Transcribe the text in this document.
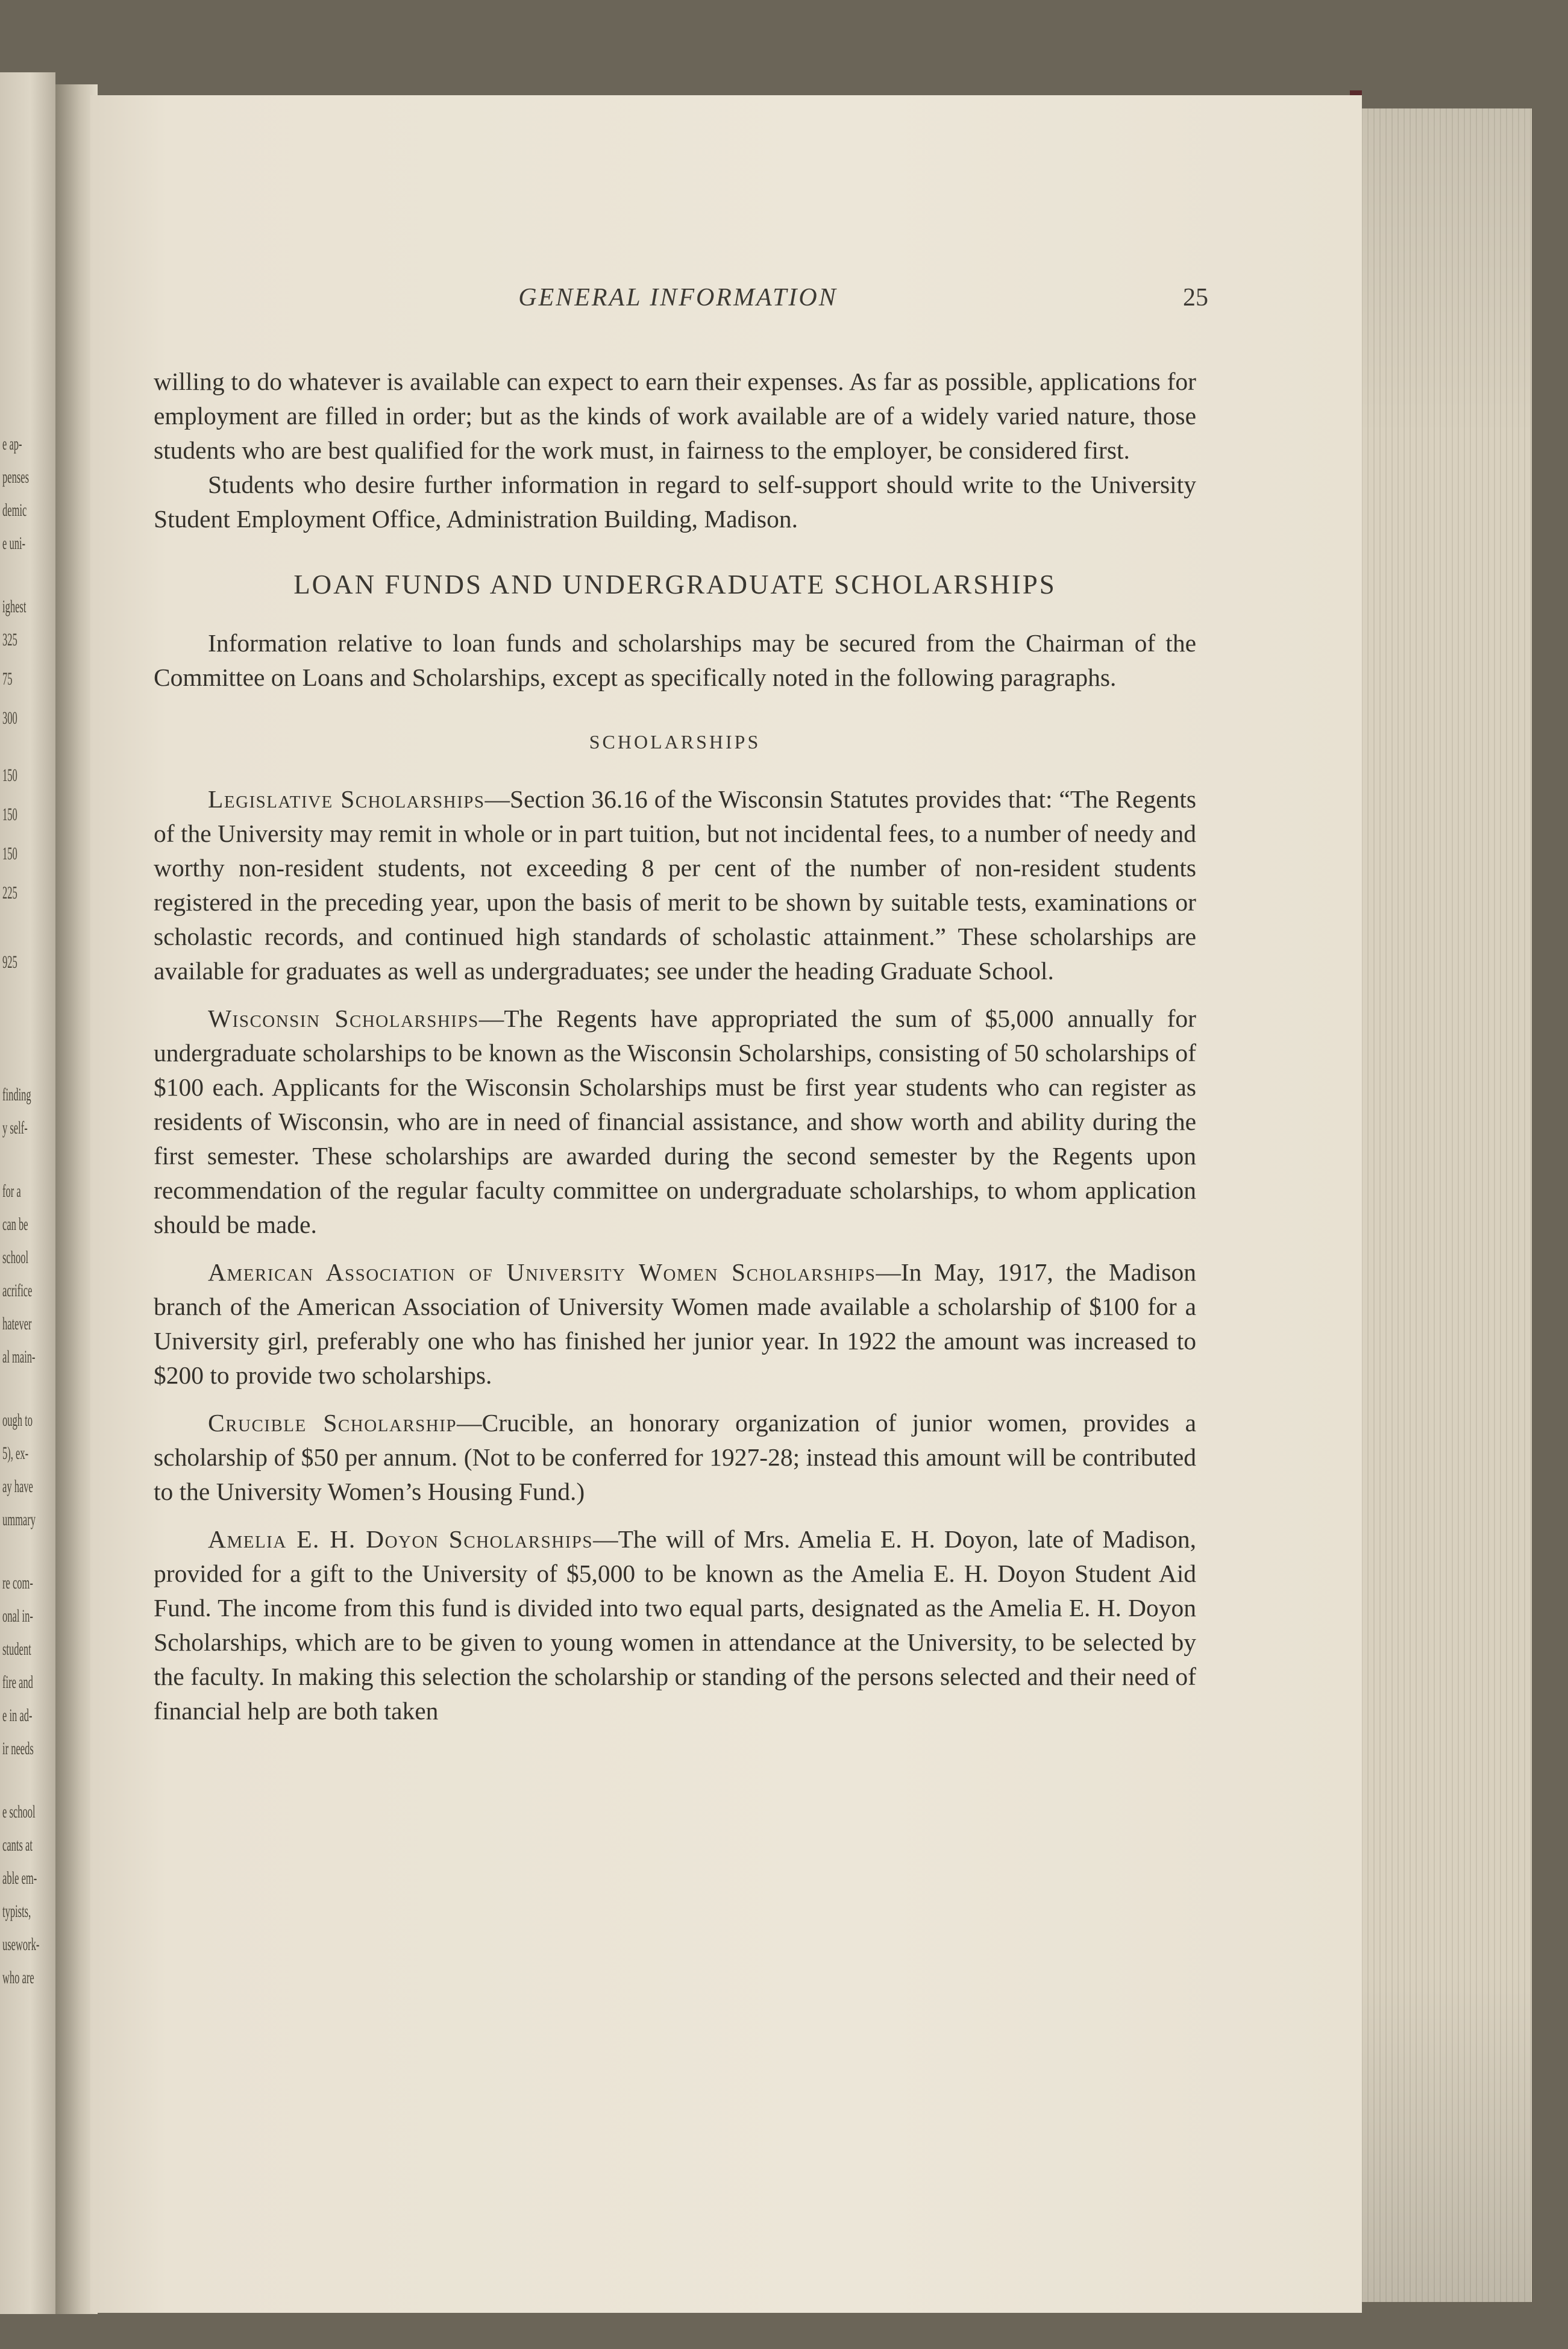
e ap-
penses
demic
e uni-
ighest
325
75
300
150
150
150
225
925
finding
y self-
for a
can be
school
acrifice
hatever
al main-
ough to
5), ex-
ay have
ummary
re com-
onal in-
student
fire and
e in ad-
ir needs
e school
cants at
able em-
typists,
usework-
who are
GENERAL INFORMATION	25

willing to do whatever is available can expect to earn their expenses. As far as possible, applications for employment are filled in order; but as the kinds of work available are of a widely varied nature, those students who are best qualified for the work must, in fairness to the employer, be considered first.

Students who desire further information in regard to self-support should write to the University Student Employment Office, Administration Building, Madison.

LOAN FUNDS AND UNDERGRADUATE SCHOLARSHIPS

Information relative to loan funds and scholarships may be secured from the Chairman of the Committee on Loans and Scholarships, except as specifically noted in the following paragraphs.

SCHOLARSHIPS

Legislative Scholarships—Section 36.16 of the Wisconsin Statutes provides that: “The Regents of the University may remit in whole or in part tuition, but not incidental fees, to a number of needy and worthy non-resident students, not exceeding 8 per cent of the number of non-resident students registered in the preceding year, upon the basis of merit to be shown by suitable tests, examinations or scholastic records, and continued high standards of scholastic attainment.” These scholarships are available for graduates as well as undergraduates; see under the heading Graduate School.

Wisconsin Scholarships—The Regents have appropriated the sum of $5,000 annually for undergraduate scholarships to be known as the Wisconsin Scholarships, consisting of 50 scholarships of $100 each. Applicants for the Wisconsin Scholarships must be first year students who can register as residents of Wisconsin, who are in need of financial assistance, and show worth and ability during the first semester. These scholarships are awarded during the second semester by the Regents upon recommendation of the regular faculty committee on undergraduate scholarships, to whom application should be made.

American Association of University Women Scholarships—In May, 1917, the Madison branch of the American Association of University Women made available a scholarship of $100 for a University girl, preferably one who has finished her junior year. In 1922 the amount was increased to $200 to provide two scholarships.

Crucible Scholarship—Crucible, an honorary organization of junior women, provides a scholarship of $50 per annum. (Not to be conferred for 1927-28; instead this amount will be contributed to the University Women’s Housing Fund.)

Amelia E. H. Doyon Scholarships—The will of Mrs. Amelia E. H. Doyon, late of Madison, provided for a gift to the University of $5,000 to be known as the Amelia E. H. Doyon Student Aid Fund. The income from this fund is divided into two equal parts, designated as the Amelia E. H. Doyon Scholarships, which are to be given to young women in attendance at the University, to be selected by the faculty. In making this selection the scholarship or standing of the persons selected and their need of financial help are both taken
